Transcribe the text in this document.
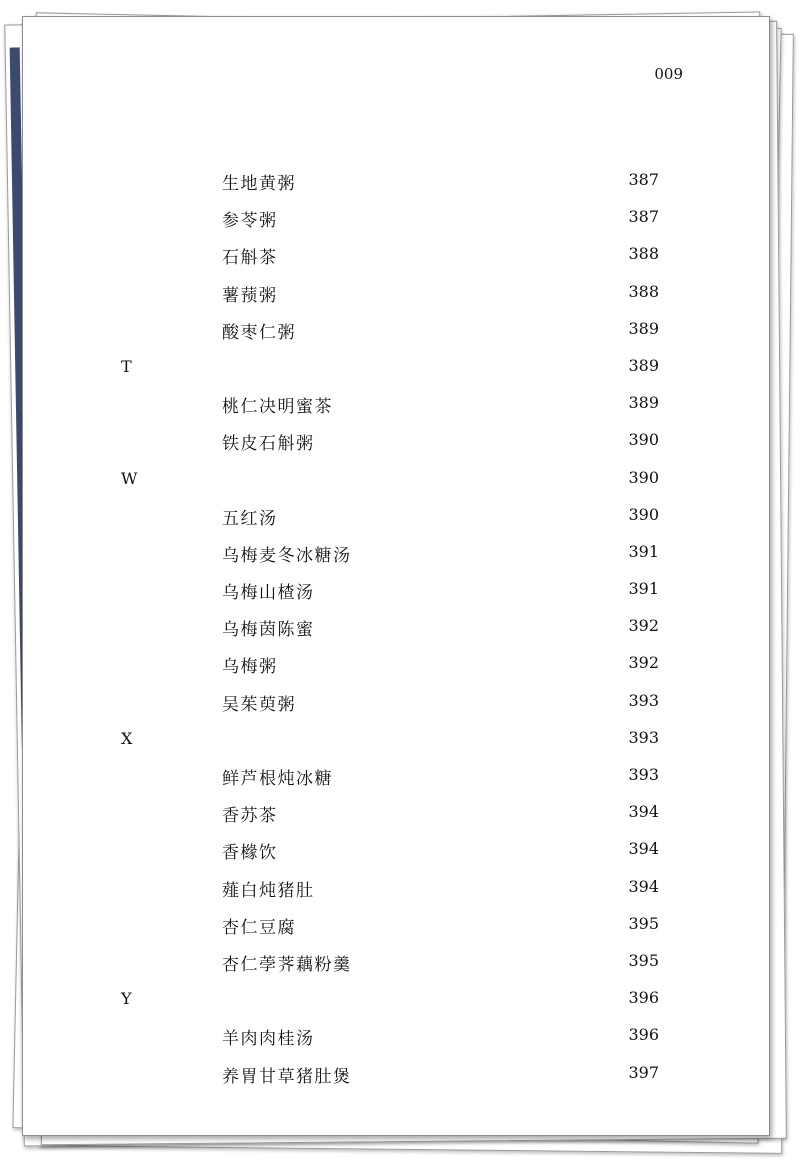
009
生地黄粥	387
参苓粥	387
石斛茶	388
薯蓣粥	388
酸枣仁粥	389
T	389
桃仁决明蜜茶	389
铁皮石斛粥	390
W	390
五红汤	390
乌梅麦冬冰糖汤	391
乌梅山楂汤	391
乌梅茵陈蜜	392
乌梅粥	392
吴茱萸粥	393
X	393
鲜芦根炖冰糖	393
香苏茶	394
香橼饮	394
薤白炖猪肚	394
杏仁豆腐	395
杏仁荸荠藕粉羹	395
Y	396
羊肉肉桂汤	396
养胃甘草猪肚煲	397
